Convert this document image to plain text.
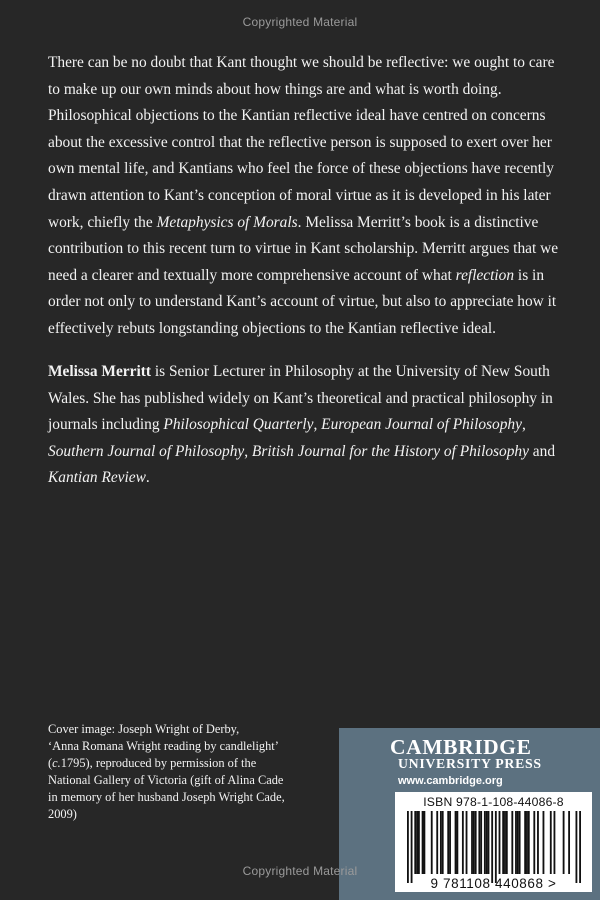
Copyrighted Material

There can be no doubt that Kant thought we should be reflective: we ought to care to make up our own minds about how things are and what is worth doing. Philosophical objections to the Kantian reflective ideal have centred on concerns about the excessive control that the reflective person is supposed to exert over her own mental life, and Kantians who feel the force of these objections have recently drawn attention to Kant’s conception of moral virtue as it is developed in his later work, chiefly the Metaphysics of Morals. Melissa Merritt’s book is a distinctive contribution to this recent turn to virtue in Kant scholarship. Merritt argues that we need a clearer and textually more comprehensive account of what reflection is in order not only to understand Kant’s account of virtue, but also to appreciate how it effectively rebuts longstanding objections to the Kantian reflective ideal.

Melissa Merritt is Senior Lecturer in Philosophy at the University of New South Wales. She has published widely on Kant’s theoretical and practical philosophy in journals including Philosophical Quarterly, European Journal of Philosophy, Southern Journal of Philosophy, British Journal for the History of Philosophy and Kantian Review.

Cover image: Joseph Wright of Derby,
‘Anna Romana Wright reading by candlelight’
(c.1795), reproduced by permission of the
National Gallery of Victoria (gift of Alina Cade
in memory of her husband Joseph Wright Cade,
2009)

CAMBRIDGE
UNIVERSITY PRESS
www.cambridge.org
ISBN 978-1-108-44086-8
9 781108 440868 >
Copyrighted Material
